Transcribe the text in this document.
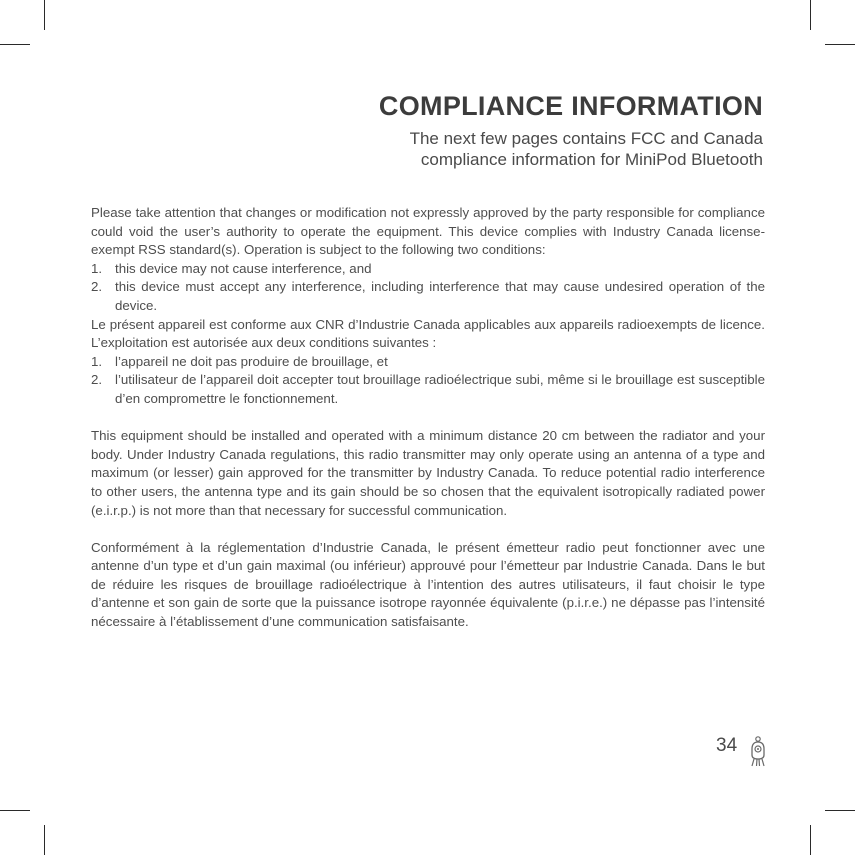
COMPLIANCE INFORMATION
The next few pages contains FCC and Canada
compliance information for MiniPod Bluetooth

Please take attention that changes or modification not expressly approved by the party responsible for compliance could void the user’s authority to operate the equipment. This device complies with Industry Canada license-exempt RSS standard(s). Operation is subject to the following two conditions:

1. this device may not cause interference, and
2. this device must accept any interference, including interference that may cause undesired operation of the device.

Le présent appareil est conforme aux CNR d’Industrie Canada applicables aux appareils radioexempts de licence. L’exploitation est autorisée aux deux conditions suivantes :

1. l’appareil ne doit pas produire de brouillage, et
2. l’utilisateur de l’appareil doit accepter tout brouillage radioélectrique subi, même si le brouillage est susceptible d’en compromettre le fonctionnement.

This equipment should be installed and operated with a minimum distance 20 cm between the radiator and your body. Under Industry Canada regulations, this radio transmitter may only operate using an antenna of a type and maximum (or lesser) gain approved for the transmitter by Industry Canada. To reduce potential radio interference to other users, the antenna type and its gain should be so chosen that the equivalent isotropically radiated power (e.i.r.p.) is not more than that necessary for successful communication.

Conformément à la réglementation d’Industrie Canada, le présent émetteur radio peut fonctionner avec une antenne d’un type et d’un gain maximal (ou inférieur) approuvé pour l’émetteur par Industrie Canada. Dans le but de réduire les risques de brouillage radioélectrique à l’intention des autres utilisateurs, il faut choisir le type d’antenne et son gain de sorte que la puissance isotrope rayonnée équivalente (p.i.r.e.) ne dépasse pas l’intensité nécessaire à l’établissement d’une communication satisfaisante.

34
